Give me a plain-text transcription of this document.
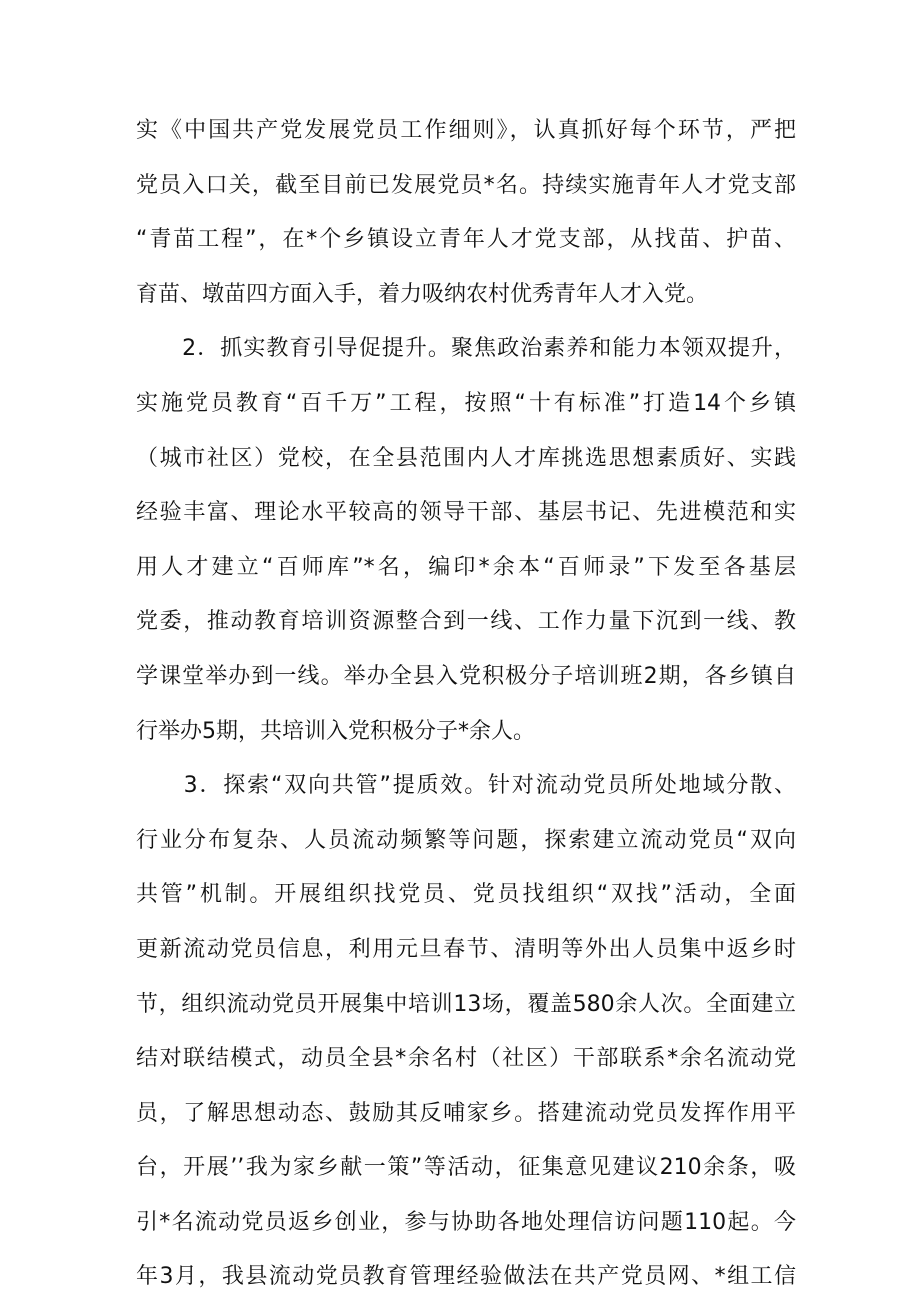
实《中国共产党发展党员工作细则》，认真抓好每个环节，严把
党员入口关，截至目前已发展党员*名。持续实施青年人才党支部
“青苗工程”，在*个乡镇设立青年人才党支部，从找苗、护苗、
育苗、墩苗四方面入手，着力吸纳农村优秀青年人才入党。
　　2．抓实教育引导促提升。聚焦政治素养和能力本领双提升，
实施党员教育“百千万”工程，按照“十有标准”打造14个乡镇
（城市社区）党校，在全县范围内人才库挑选思想素质好、实践
经验丰富、理论水平较高的领导干部、基层书记、先进模范和实
用人才建立“百师库”*名，编印*余本“百师录”下发至各基层
党委，推动教育培训资源整合到一线、工作力量下沉到一线、教
学课堂举办到一线。举办全县入党积极分子培训班2期，各乡镇自
行举办5期，共培训入党积极分子*余人。
　　3．探索“双向共管”提质效。针对流动党员所处地域分散、
行业分布复杂、人员流动频繁等问题，探索建立流动党员“双向
共管”机制。开展组织找党员、党员找组织“双找”活动，全面
更新流动党员信息，利用元旦春节、清明等外出人员集中返乡时
节，组织流动党员开展集中培训13场，覆盖580余人次。全面建立
结对联结模式，动员全县*余名村（社区）干部联系*余名流动党
员，了解思想动态、鼓励其反哺家乡。搭建流动党员发挥作用平
台，开展’’我为家乡献一策”等活动，征集意见建议210余条，吸
引*名流动党员返乡创业，参与协助各地处理信访问题110起。今
年3月，我县流动党员教育管理经验做法在共产党员网、*组工信
